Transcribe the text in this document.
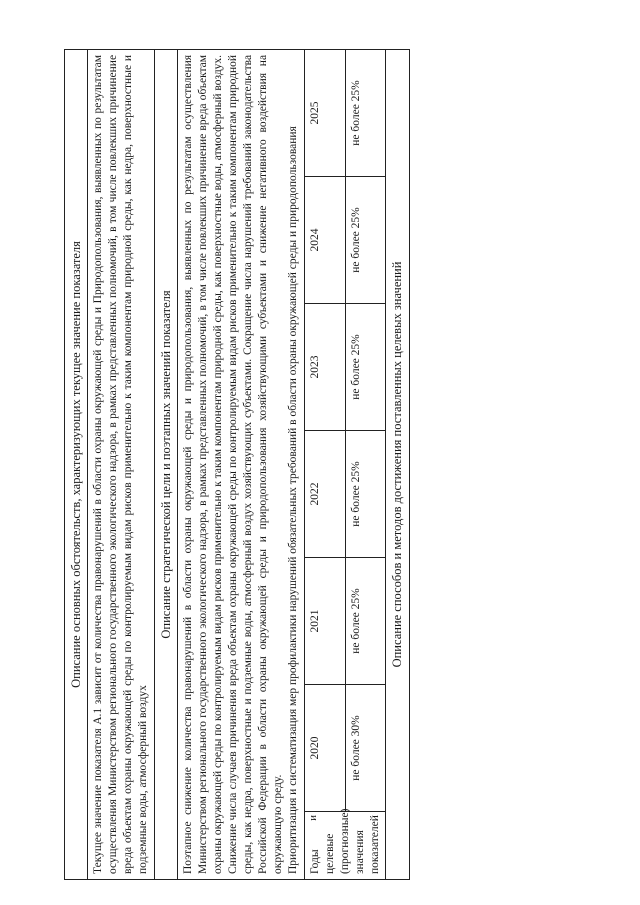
Описание основных обстоятельств, характеризующих текущее значение показателя						
Текущее значение показателя А.1 зависит от количества правонарушений в области охраны окружающей среды и Природопользования, выявленных по результатам осуществления Министерством регионального государственного экологического надзора, в рамках представленных полномочий, в том числе повлекших причинение вреда объектам охраны окружающей среды по контролируемым видам рисков применительно к таким компонентам природной среды, как недра, поверхностные и подземные воды, атмосферный воздух						
Описание стратегической цели и поэтапных значений показателя						

Поэтапное снижение количества правонарушений в области охраны окружающей среды и природопользования, выявленных по результатам осуществления Министерством регионального государственного экологического надзора, в рамках представленных полномочий, в том числе повлекших причинение вреда объектам охраны окружающей среды по контролируемым видам рисков применительно к таким компонентам природной среды, как поверхностные воды, атмосферный воздух. Снижение числа случаев причинения вреда объектам охраны окружающей среды по контролируемым видам рисков применительно к таким компонентам природной среды, как недра, поверхностные и подземные воды, атмосферный воздух хозяйствующих субъектами. Сокращение числа нарушений требований законодательства Российской Федерации в области охраны окружающей среды и природопользования хозяйствующими субъектами и снижение негативного воздействия на окружающую среду. Приоритизация и систематизация мер профилактики нарушений обязательных требований в области охраны окружающей среды и природопользования						

и
Годы целевые (прогнозные) значения показателей	2020	2021	2022	2023	2024	2025
	не более 30%	не более 25%	не более 25%	не более 25%	не более 25%	не более 25%
Описание способов и методов достижения поставленных целевых значений						
